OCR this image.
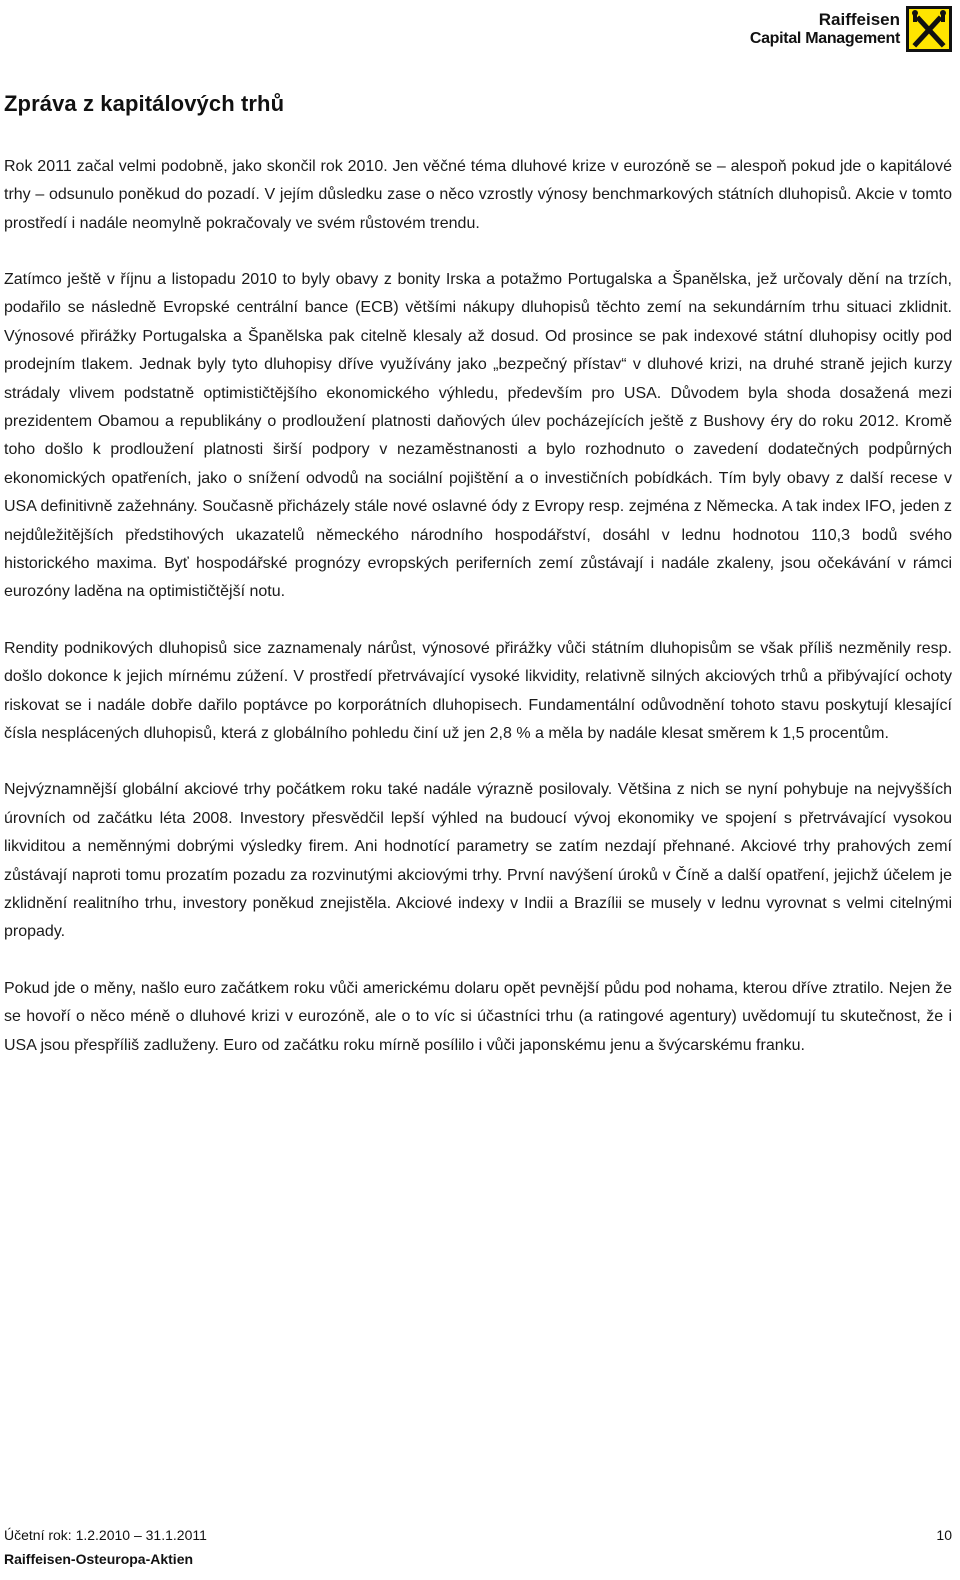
Raiffeisen
Capital Management
Zpráva z kapitálových trhů

Rok 2011 začal velmi podobně, jako skončil rok 2010. Jen věčné téma dluhové krize v eurozóně se – alespoň pokud jde o kapitálové trhy – odsunulo poněkud do pozadí. V jejím důsledku zase o něco vzrostly výnosy benchmarkových státních dluhopisů. Akcie v tomto prostředí i nadále neomylně pokračovaly ve svém růstovém trendu.

Zatímco ještě v říjnu a listopadu 2010 to byly obavy z bonity Irska a potažmo Portugalska a Španělska, jež určovaly dění na trzích, podařilo se následně Evropské centrální bance (ECB) většími nákupy dluhopisů těchto zemí na sekundárním trhu situaci zklidnit. Výnosové přirážky Portugalska a Španělska pak citelně klesaly až dosud. Od prosince se pak indexové státní dluhopisy ocitly pod prodejním tlakem. Jednak byly tyto dluhopisy dříve využívány jako „bezpečný přístav“ v dluhové krizi, na druhé straně jejich kurzy strádaly vlivem podstatně optimističtějšího ekonomického výhledu, především pro USA. Důvodem byla shoda dosažená mezi prezidentem Obamou a republikány o prodloužení platnosti daňových úlev pocházejících ještě z Bushovy éry do roku 2012. Kromě toho došlo k prodloužení platnosti širší podpory v nezaměstnanosti a bylo rozhodnuto o zavedení dodatečných podpůrných ekonomických opatřeních, jako o snížení odvodů na sociální pojištění a o investičních pobídkách. Tím byly obavy z další recese v USA definitivně zažehnány. Současně přicházely stále nové oslavné ódy z Evropy resp. zejména z Německa. A tak index IFO, jeden z nejdůležitějších předstihových ukazatelů německého národního hospodářství, dosáhl v lednu hodnotou 110,3 bodů svého historického maxima. Byť hospodářské prognózy evropských periferních zemí zůstávají i nadále zkaleny, jsou očekávání v rámci eurozóny laděna na optimističtější notu.

Rendity podnikových dluhopisů sice zaznamenaly nárůst, výnosové přirážky vůči státním dluhopisům se však příliš nezměnily resp. došlo dokonce k jejich mírnému zúžení. V prostředí přetrvávající vysoké likvidity, relativně silných akciových trhů a přibývající ochoty riskovat se i nadále dobře dařilo poptávce po korporátních dluhopisech. Fundamentální odůvodnění tohoto stavu poskytují klesající čísla nesplácených dluhopisů, která z globálního pohledu činí už jen 2,8 % a měla by nadále klesat směrem k 1,5 procentům.

Nejvýznamnější globální akciové trhy počátkem roku také nadále výrazně posilovaly. Většina z nich se nyní pohybuje na nejvyšších úrovních od začátku léta 2008. Investory přesvědčil lepší výhled na budoucí vývoj ekonomiky ve spojení s přetrvávající vysokou likviditou a neměnnými dobrými výsledky firem. Ani hodnotící parametry se zatím nezdají přehnané. Akciové trhy prahových zemí zůstávají naproti tomu prozatím pozadu za rozvinutými akciovými trhy. První navýšení úroků v Číně a další opatření, jejichž účelem je zklidnění realitního trhu, investory poněkud znejistěla. Akciové indexy v Indii a Brazílii se musely v lednu vyrovnat s velmi citelnými propady.

Pokud jde o měny, našlo euro začátkem roku vůči americkému dolaru opět pevnější půdu pod nohama, kterou dříve ztratilo. Nejen že se hovoří o něco méně o dluhové krizi v eurozóně, ale o to víc si účastníci trhu (a ratingové agentury) uvědomují tu skutečnost, že i USA jsou přespříliš zadluženy. Euro od začátku roku mírně posílilo i vůči japonskému jenu a švýcarskému franku.

Účetní rok: 1.2.2010 – 31.1.2011
Raiffeisen-Osteuropa-Aktien
10
